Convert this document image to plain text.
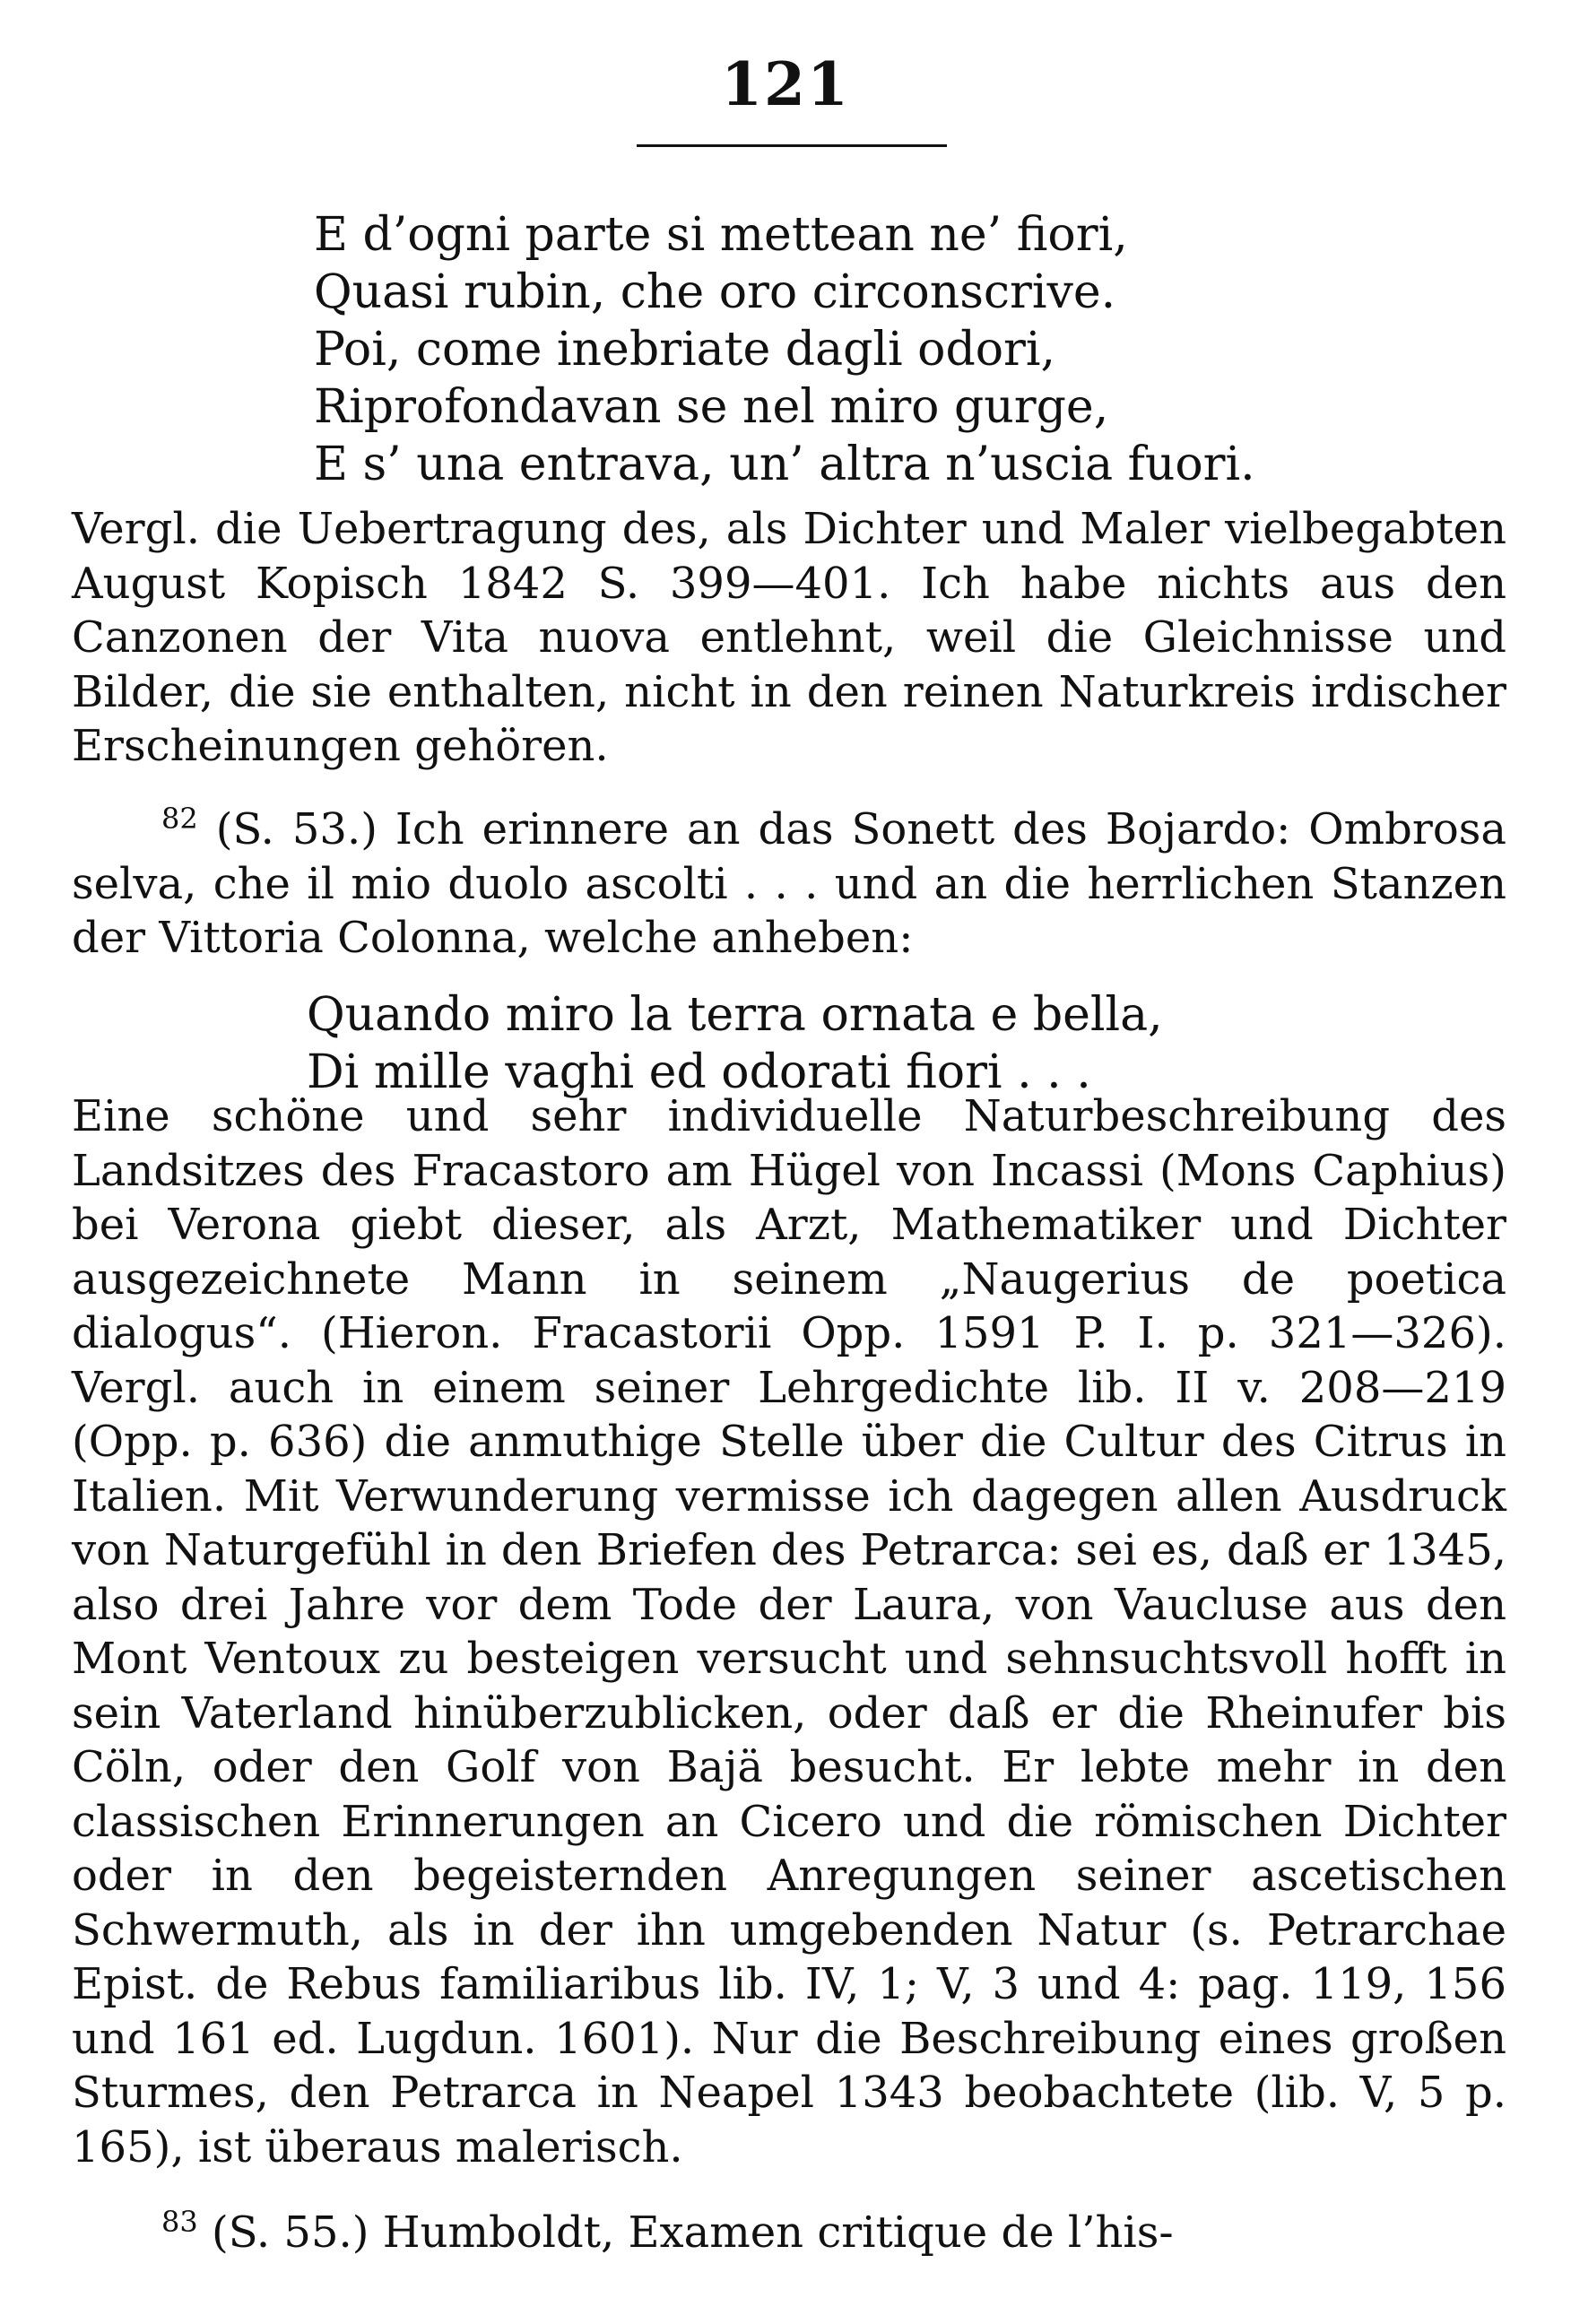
121
E d’ogni parte si mettean ne’ fiori,
Quasi rubin, che oro circonscrive.
Poi, come inebriate dagli odori,
Riprofondavan se nel miro gurge,
E s’ una entrava, un’ altra n’uscia fuori.
Vergl. die Uebertragung des, als Dichter und Maler vielbegabten August Kopisch 1842 S. 399—401. Ich habe nichts aus den Canzonen der Vita nuova entlehnt, weil die Gleichnisse und Bilder, die sie enthalten, nicht in den reinen Naturkreis irdischer Erscheinungen gehören.
$^{82}$ (S. 53.) Ich erinnere an das Sonett des Bojardo: Ombrosa selva, che il mio duolo ascolti . . . und an die herrlichen Stanzen der Vittoria Colonna, welche anheben:
Quando miro la terra ornata e bella,
Di mille vaghi ed odorati fiori . . .
Eine schöne und sehr individuelle Naturbeschreibung des Landsitzes des Fracastoro am Hügel von Incassi (Mons Caphius) bei Verona giebt dieser, als Arzt, Mathematiker und Dichter ausgezeichnete Mann in seinem „Naugerius de poetica dialogus“. (Hieron. Fracastorii Opp. 1591 P. I. p. 321—326). Vergl. auch in einem seiner Lehrgedichte lib. II v. 208—219 (Opp. p. 636) die anmuthige Stelle über die Cultur des Citrus in Italien. Mit Verwunderung vermisse ich dagegen allen Ausdruck von Naturgefühl in den Briefen des Petrarca: sei es, daß er 1345, also drei Jahre vor dem Tode der Laura, von Vaucluse aus den Mont Ventoux zu besteigen versucht und sehnsuchtsvoll hofft in sein Vaterland hinüberzublicken, oder daß er die Rheinufer bis Cöln, oder den Golf von Bajä besucht. Er lebte mehr in den classischen Erinnerungen an Cicero und die römischen Dichter oder in den begeisternden Anregungen seiner ascetischen Schwermuth, als in der ihn umgebenden Natur (s. Petrarchae Epist. de Rebus familiaribus lib. IV, 1; V, 3 und 4: pag. 119, 156 und 161 ed. Lugdun. 1601). Nur die Beschreibung eines großen Sturmes, den Petrarca in Neapel 1343 beobachtete (lib. V, 5 p. 165), ist überaus malerisch.
$^{83}$ (S. 55.) Humboldt, Examen critique de l’his-
